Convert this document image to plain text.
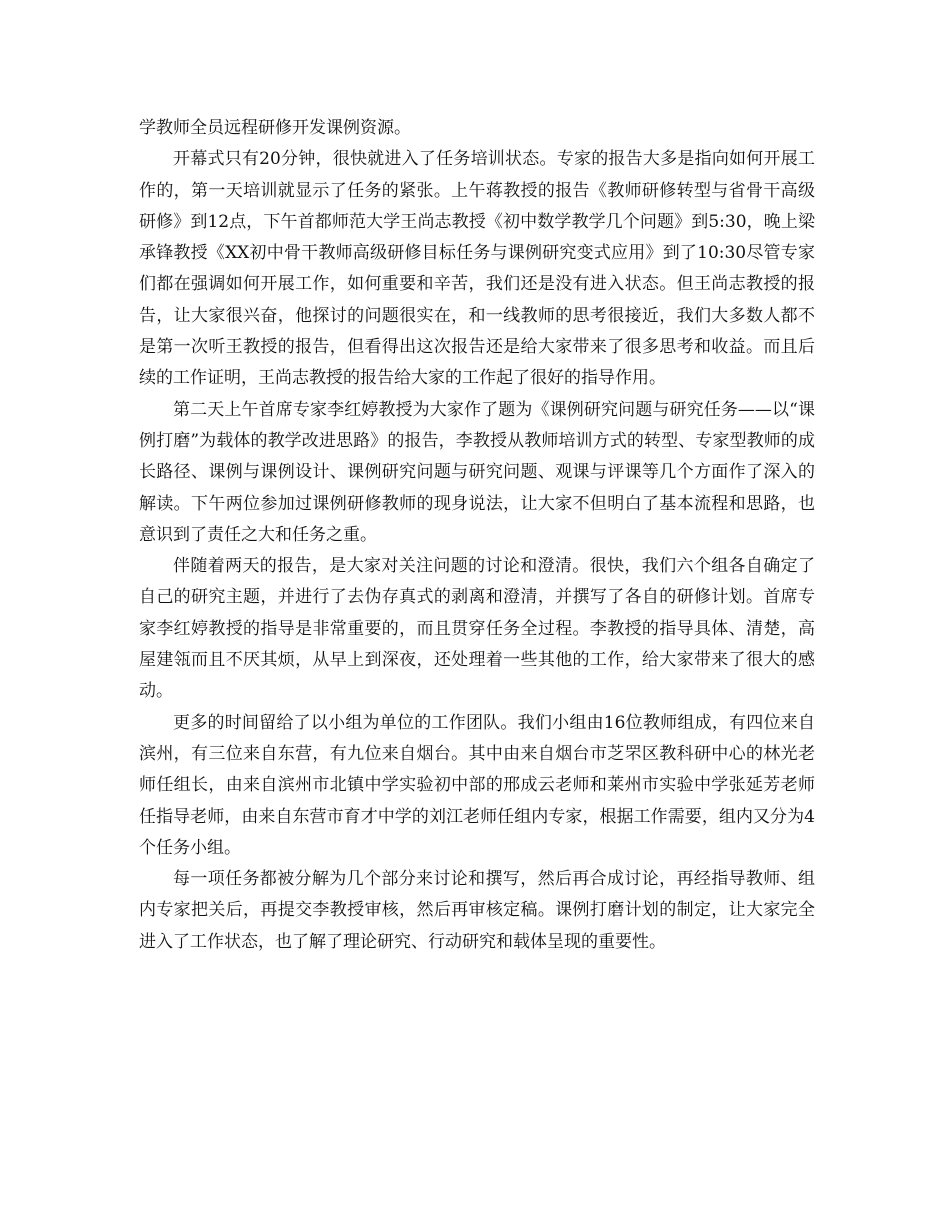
学教师全员远程研修开发课例资源。

开幕式只有20分钟，很快就进入了任务培训状态。专家的报告大多是指向如何开展工作的，第一天培训就显示了任务的紧张。上午蒋教授的报告《教师研修转型与省骨干高级研修》到12点，下午首都师范大学王尚志教授《初中数学教学几个问题》到5:30，晚上梁承锋教授《XX初中骨干教师高级研修目标任务与课例研究变式应用》到了10:30尽管专家们都在强调如何开展工作，如何重要和辛苦，我们还是没有进入状态。但王尚志教授的报告，让大家很兴奋，他探讨的问题很实在，和一线教师的思考很接近，我们大多数人都不是第一次听王教授的报告，但看得出这次报告还是给大家带来了很多思考和收益。而且后续的工作证明，王尚志教授的报告给大家的工作起了很好的指导作用。

第二天上午首席专家李红婷教授为大家作了题为《课例研究问题与研究任务——以“课例打磨”为载体的教学改进思路》的报告，李教授从教师培训方式的转型、专家型教师的成长路径、课例与课例设计、课例研究问题与研究问题、观课与评课等几个方面作了深入的解读。下午两位参加过课例研修教师的现身说法，让大家不但明白了基本流程和思路，也意识到了责任之大和任务之重。

伴随着两天的报告，是大家对关注问题的讨论和澄清。很快，我们六个组各自确定了自己的研究主题，并进行了去伪存真式的剥离和澄清，并撰写了各自的研修计划。首席专家李红婷教授的指导是非常重要的，而且贯穿任务全过程。李教授的指导具体、清楚，高屋建瓴而且不厌其烦，从早上到深夜，还处理着一些其他的工作，给大家带来了很大的感动。

更多的时间留给了以小组为单位的工作团队。我们小组由16位教师组成，有四位来自滨州，有三位来自东营，有九位来自烟台。其中由来自烟台市芝罘区教科研中心的林光老师任组长，由来自滨州市北镇中学实验初中部的邢成云老师和莱州市实验中学张延芳老师任指导老师，由来自东营市育才中学的刘江老师任组内专家，根据工作需要，组内又分为4个任务小组。

每一项任务都被分解为几个部分来讨论和撰写，然后再合成讨论，再经指导教师、组内专家把关后，再提交李教授审核，然后再审核定稿。课例打磨计划的制定，让大家完全进入了工作状态，也了解了理论研究、行动研究和载体呈现的重要性。
